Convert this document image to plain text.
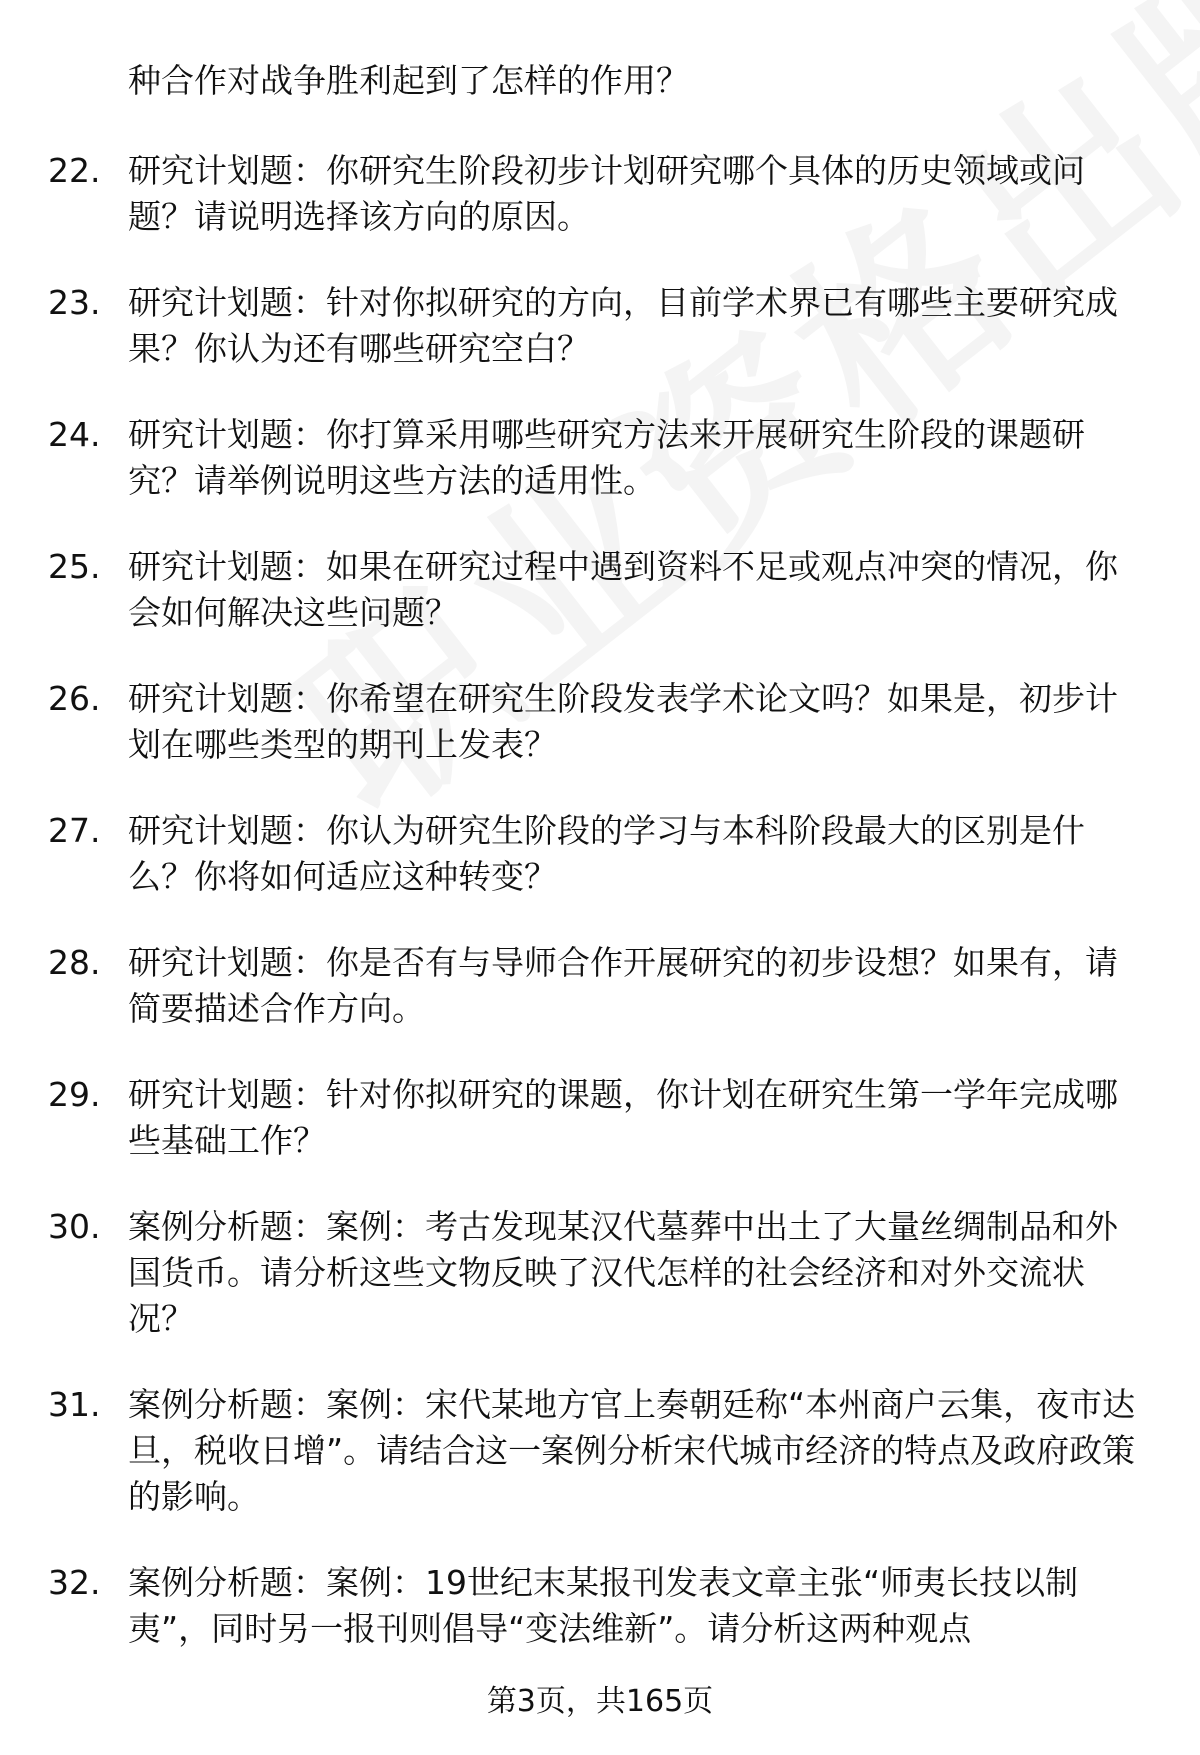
种合作对战争胜利起到了怎样的作用？
22. 研究计划题：你研究生阶段初步计划研究哪个具体的历史领域或问题？请说明选择该方向的原因。
23. 研究计划题：针对你拟研究的方向，目前学术界已有哪些主要研究成果？你认为还有哪些研究空白？
24. 研究计划题：你打算采用哪些研究方法来开展研究生阶段的课题研究？请举例说明这些方法的适用性。
25. 研究计划题：如果在研究过程中遇到资料不足或观点冲突的情况，你会如何解决这些问题？
26. 研究计划题：你希望在研究生阶段发表学术论文吗？如果是，初步计划在哪些类型的期刊上发表？
27. 研究计划题：你认为研究生阶段的学习与本科阶段最大的区别是什么？你将如何适应这种转变？
28. 研究计划题：你是否有与导师合作开展研究的初步设想？如果有，请简要描述合作方向。
29. 研究计划题：针对你拟研究的课题，你计划在研究生第一学年完成哪些基础工作？
30. 案例分析题：案例：考古发现某汉代墓葬中出土了大量丝绸制品和外国货币。请分析这些文物反映了汉代怎样的社会经济和对外交流状况？
31. 案例分析题：案例：宋代某地方官上奏朝廷称“本州商户云集，夜市达旦，税收日增”。请结合这一案例分析宋代城市经济的特点及政府政策的影响。
32. 案例分析题：案例：19世纪末某报刊发表文章主张“师夷长技以制夷”，同时另一报刊则倡导“变法维新”。请分析这两种观点
第3页，共165页
